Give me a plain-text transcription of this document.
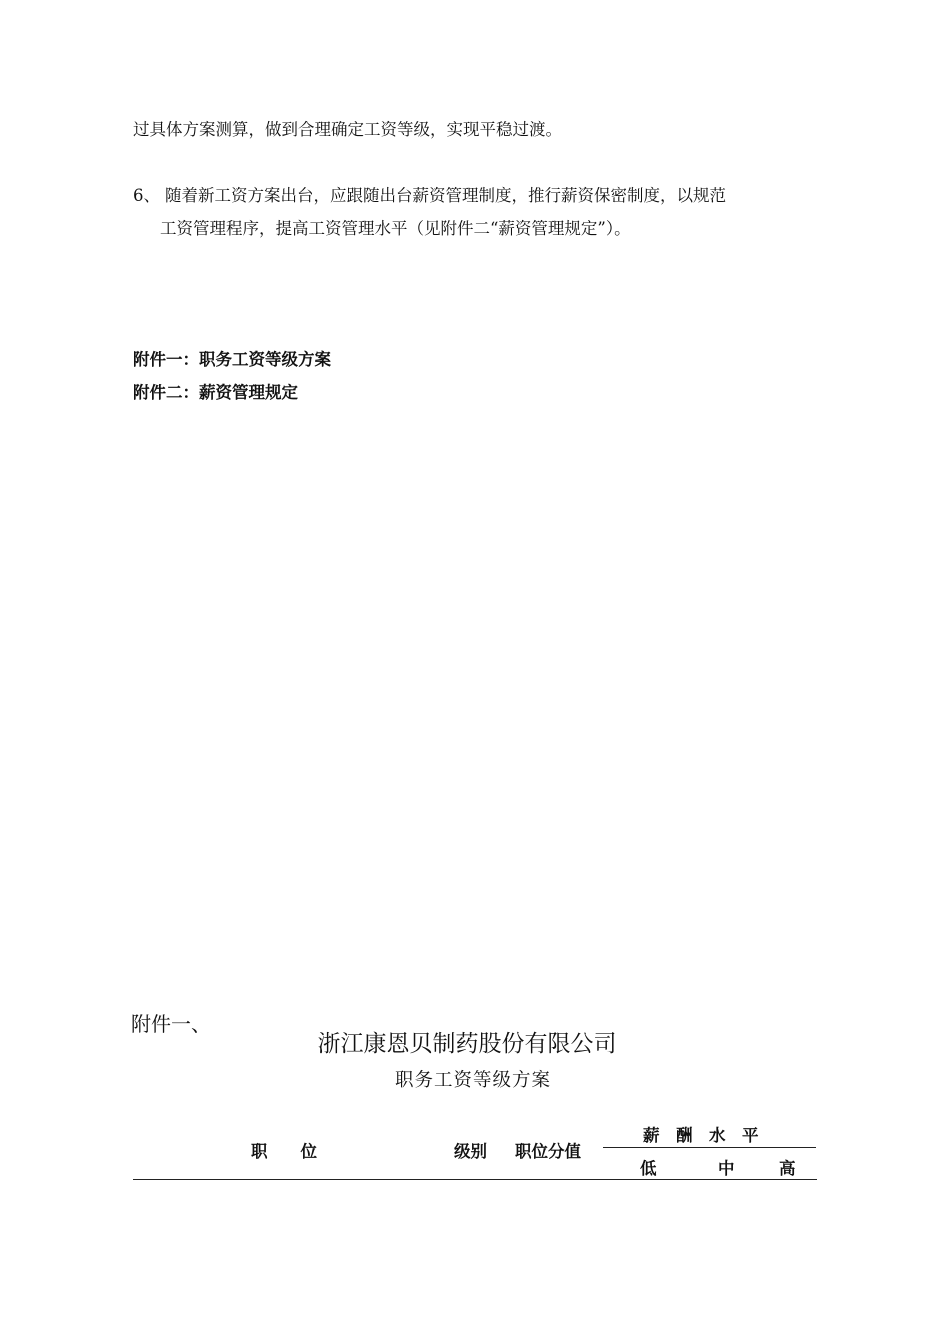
过具体方案测算，做到合理确定工资等级，实现平稳过渡。
6、 随着新工资方案出台，应跟随出台薪资管理制度，推行薪资保密制度，以规范
工资管理程序，提高工资管理水平（见附件二“薪资管理规定”）。
附件一：职务工资等级方案
附件二：薪资管理规定
附件一、
浙江康恩贝制药股份有限公司
职务工资等级方案
职　　位	级别 职位分值
薪　酬　水　平
低	中	高
